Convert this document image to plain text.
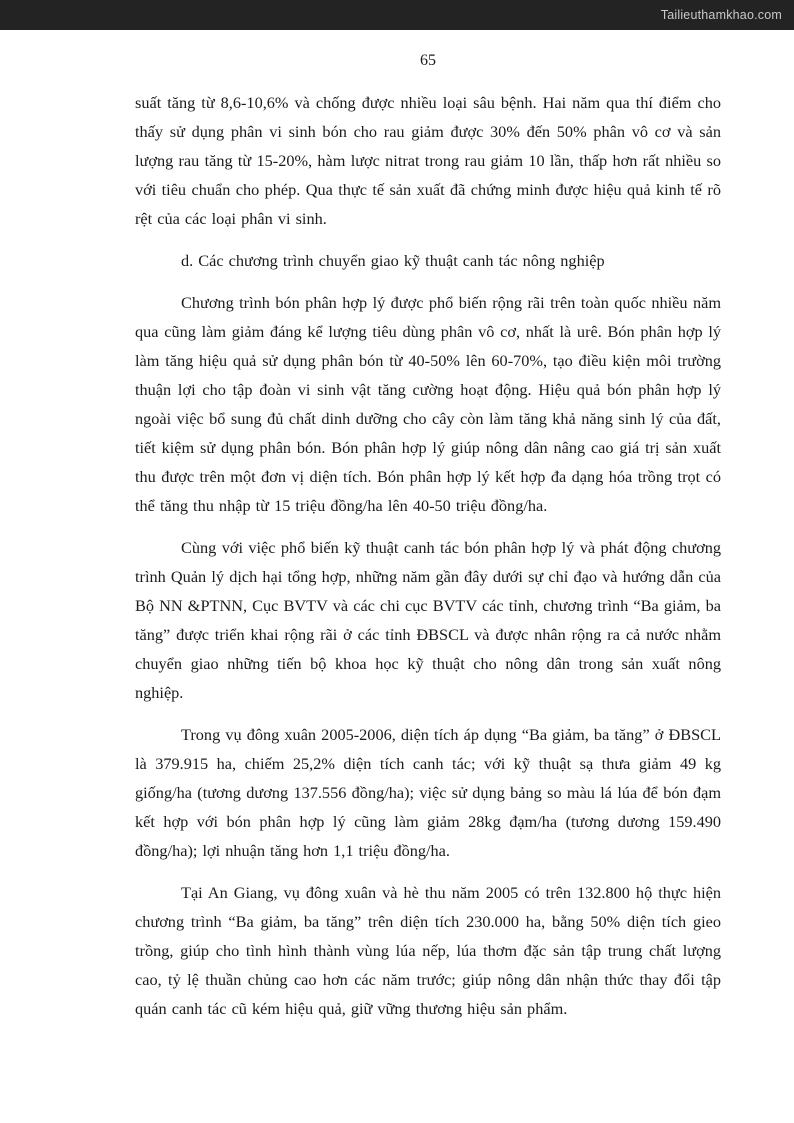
Tailieuthamkhao.com
65

suất tăng từ 8,6-10,6% và chống được nhiều loại sâu bệnh. Hai năm qua thí điểm cho thấy sử dụng phân vi sinh bón cho rau giảm được 30% đến 50% phân vô cơ và sản lượng rau tăng từ 15-20%, hàm lược nitrat trong rau giảm 10 lần, thấp hơn rất nhiều so với tiêu chuẩn cho phép. Qua thực tế sản xuất đã chứng minh được hiệu quả kinh tế rõ rệt của các loại phân vi sinh.

d. Các chương trình chuyển giao kỹ thuật canh tác nông nghiệp

Chương trình bón phân hợp lý được phổ biến rộng rãi trên toàn quốc nhiều năm qua cũng làm giảm đáng kể lượng tiêu dùng phân vô cơ, nhất là urê. Bón phân hợp lý làm tăng hiệu quả sử dụng phân bón từ 40-50% lên 60-70%, tạo điều kiện môi trường thuận lợi cho tập đoàn vi sinh vật tăng cường hoạt động. Hiệu quả bón phân hợp lý ngoài việc bổ sung đủ chất dinh dưỡng cho cây còn làm tăng khả năng sinh lý của đất, tiết kiệm sử dụng phân bón. Bón phân hợp lý giúp nông dân nâng cao giá trị sản xuất thu được trên một đơn vị diện tích. Bón phân hợp lý kết hợp đa dạng hóa trồng trọt có thể tăng thu nhập từ 15 triệu đồng/ha lên 40-50 triệu đồng/ha.

Cùng với việc phổ biến kỹ thuật canh tác bón phân hợp lý và phát động chương trình Quản lý dịch hại tổng hợp, những năm gần đây dưới sự chỉ đạo và hướng dẫn của Bộ NN &PTNN, Cục BVTV và các chi cục BVTV các tỉnh, chương trình “Ba giảm, ba tăng” được triển khai rộng rãi ở các tỉnh ĐBSCL và được nhân rộng ra cả nước nhằm chuyển giao những tiến bộ khoa học kỹ thuật cho nông dân trong sản xuất nông nghiệp.

Trong vụ đông xuân 2005-2006, diện tích áp dụng “Ba giảm, ba tăng” ở ĐBSCL là 379.915 ha, chiếm 25,2% diện tích canh tác; với kỹ thuật sạ thưa giảm 49 kg giống/ha (tương dương 137.556 đồng/ha); việc sử dụng bảng so màu lá lúa để bón đạm kết hợp với bón phân hợp lý cũng làm giảm 28kg đạm/ha (tương dương 159.490 đồng/ha); lợi nhuận tăng hơn 1,1 triệu đồng/ha.

Tại An Giang, vụ đông xuân và hè thu năm 2005 có trên 132.800 hộ thực hiện chương trình “Ba giảm, ba tăng” trên diện tích 230.000 ha, bằng 50% diện tích gieo trồng, giúp cho tình hình thành vùng lúa nếp, lúa thơm đặc sản tập trung chất lượng cao, tỷ lệ thuần chủng cao hơn các năm trước; giúp nông dân nhận thức thay đổi tập quán canh tác cũ kém hiệu quả, giữ vững thương hiệu sản phẩm.
